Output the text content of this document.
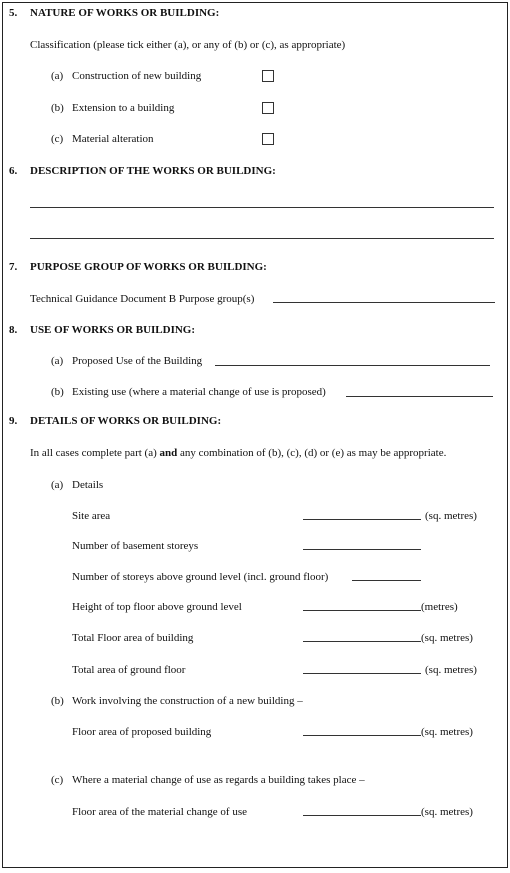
5. NATURE OF WORKS OR BUILDING:
Classification (please tick either (a), or any of (b) or (c), as appropriate)
(a) Construction of new building
(b) Extension to a building
(c) Material alteration
6. DESCRIPTION OF THE WORKS OR BUILDING:
7. PURPOSE GROUP OF WORKS OR BUILDING:
Technical Guidance Document B Purpose group(s)
8. USE OF WORKS OR BUILDING:
(a) Proposed Use of the Building
(b) Existing use (where a material change of use is proposed)
9. DETAILS OF WORKS OR BUILDING:
In all cases complete part (a) and any combination of (b), (c), (d) or (e) as may be appropriate.
(a) Details
Site area	(sq. metres)
Number of basement storeys
Number of storeys above ground level (incl. ground floor)
Height of top floor above ground level	(metres)
Total Floor area of building	(sq. metres)
Total area of ground floor	(sq. metres)
(b) Work involving the construction of a new building –
Floor area of proposed building	(sq. metres)
(c) Where a material change of use as regards a building takes place –
Floor area of the material change of use	(sq. metres)
